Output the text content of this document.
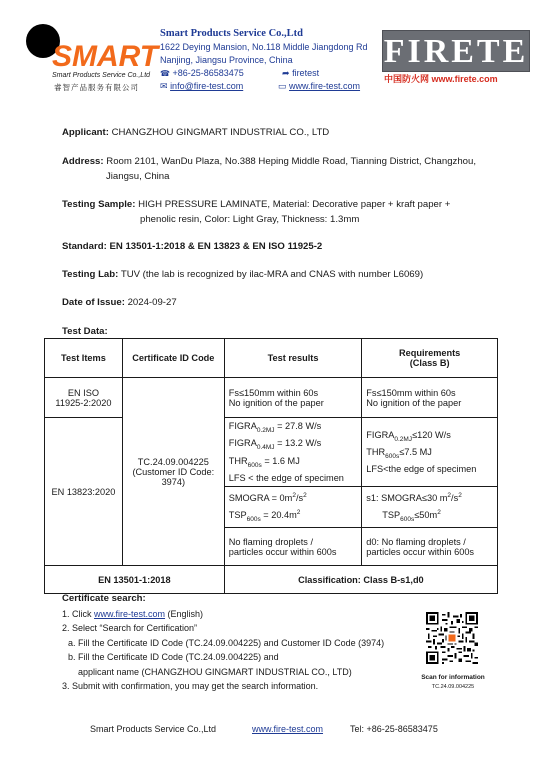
SMART
Smart Products Service Co.,Ltd
睿智产品服务有限公司
Smart Products Service Co.,Ltd
1622 Deying Mansion, No.118 Middle Jiangdong Rd
Nanjing, Jiangsu Province, China
☎ +86-25-86583475	➦ firetest
✉ info@fire-test.com	▭ www.fire-test.com
FIRETE
中国防火网 www.firete.com
Applicant: CHANGZHOU GINGMART INDUSTRIAL CO., LTD
Address: Room 2101, WanDu Plaza, No.388 Heping Middle Road, Tianning District, Changzhou,
Jiangsu, China
Testing Sample: HIGH PRESSURE LAMINATE, Material: Decorative paper + kraft paper +
phenolic resin, Color: Light Gray, Thickness: 1.3mm
Standard: EN 13501-1:2018 & EN 13823 & EN ISO 11925-2
Testing Lab: TUV (the lab is recognized by ilac-MRA and CNAS with number L6069)
Date of Issue: 2024-09-27
Test Data:
Test Items	Certificate ID Code	Test results	Requirements
(Class B)
EN ISO
11925-2:2020	TC.24.09.004225
(Customer ID Code:
3974)	Fs≤150mm within 60s
No ignition of the paper	Fs≤150mm within 60s
No ignition of the paper
EN 13823:2020		$FIGRA_{0.2MJ} = 27.8$ W/s
$FIGRA_{0.4MJ} = 13.2$ W/s
$THR_{600s} = 1.6$ MJ
LFS < the edge of specimen	$FIGRA_{0.2MJ}\le 120$ W/s
$THR_{600s}\le 7.5$ MJ
LFS<the edge of specimen
		SMOGRA = $0m^2/s^2$
$TSP_{600s} = 20.4m^2$	s1: SMOGRA≤30 $m^2/s^2$
$TSP_{600s}\le 50m^2$
		No flaming droplets /
particles occur within 600s	d0: No flaming droplets /
particles occur within 600s
EN 13501-1:2018		Classification: Class B-s1,d0	
Certificate search:
1. Click www.fire-test.com (English)
2. Select “Search for Certification”
a. Fill the Certificate ID Code (TC.24.09.004225) and Customer ID Code (3974)
b. Fill the Certificate ID Code (TC.24.09.004225) and
applicant name (CHANGZHOU GINGMART INDUSTRIAL CO., LTD)
3. Submit with confirmation, you may get the search information.
Scan for information
TC.24.09.004225
Smart Products Service Co.,Ltd	www.fire-test.com	Tel: +86-25-86583475
